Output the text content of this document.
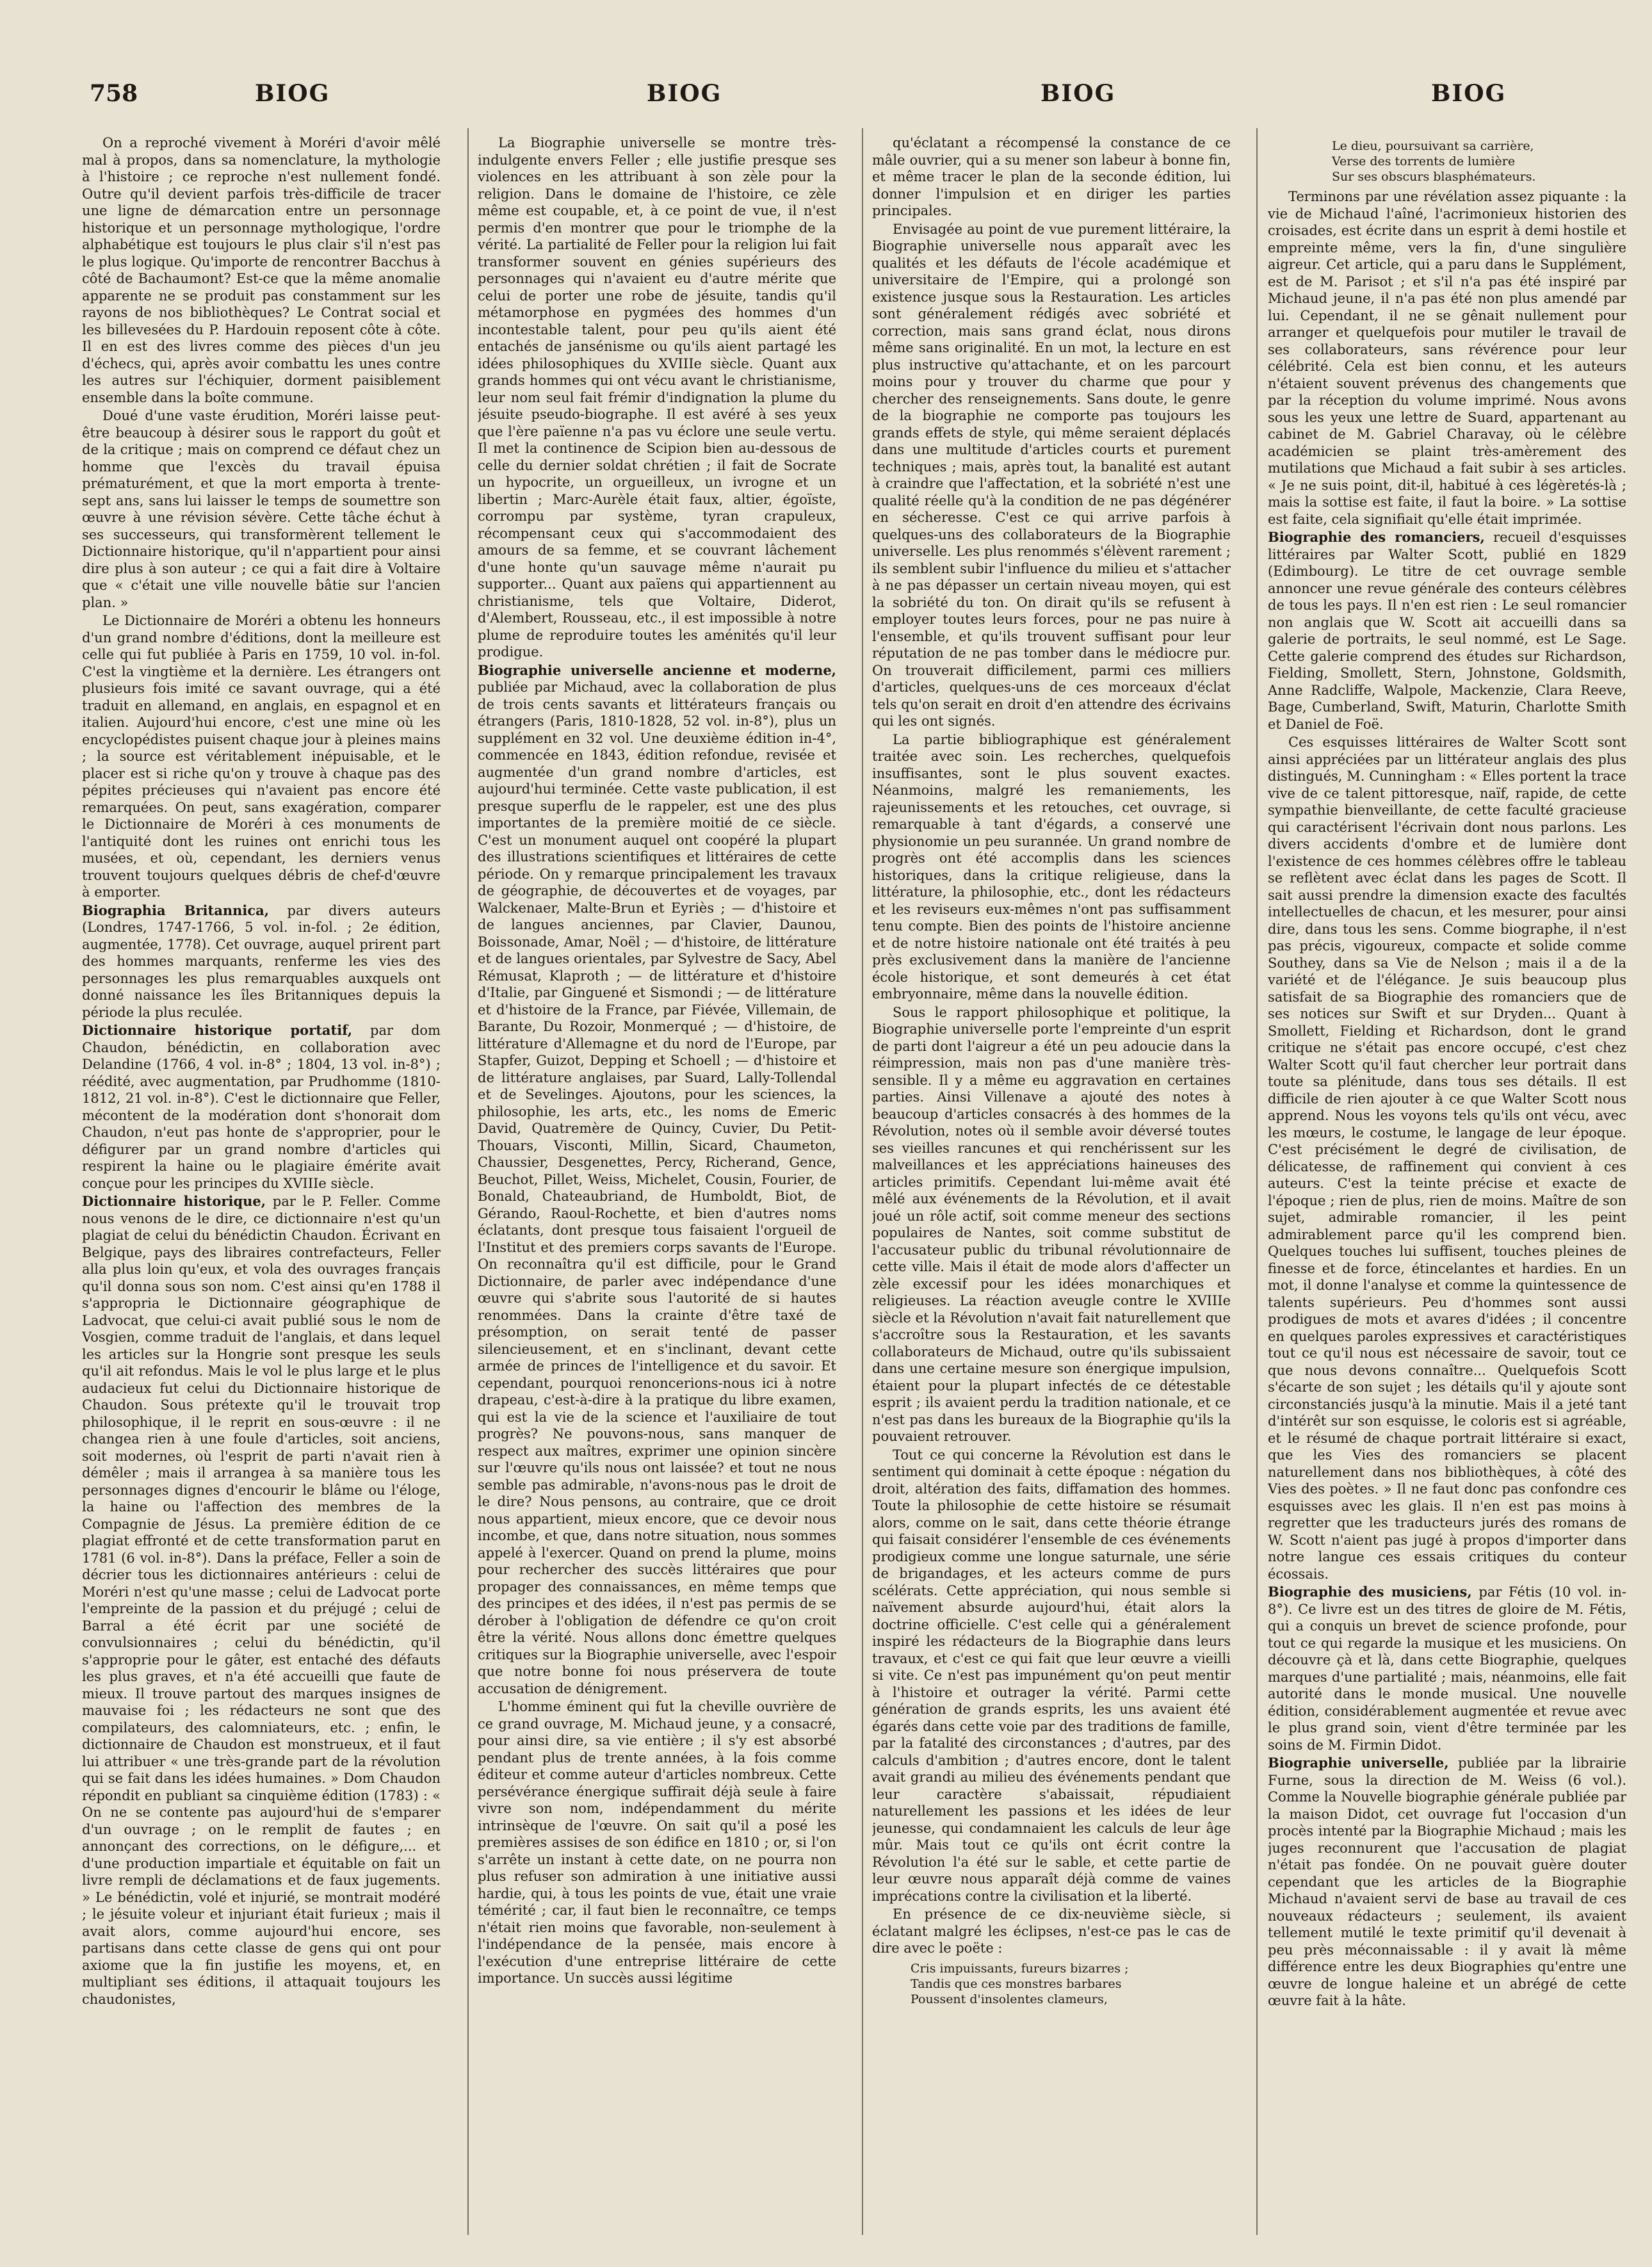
758	BIOG	BIOG	BIOG	BIOG

On a reproché vivement à Moréri d'avoir mêlé mal à propos, dans sa nomenclature, la mythologie à l'histoire ; ce reproche n'est nullement fondé. Outre qu'il devient parfois très-difficile de tracer une ligne de démarcation entre un personnage historique et un personnage mythologique, l'ordre alphabétique est toujours le plus clair s'il n'est pas le plus logique. Qu'importe de rencontrer Bacchus à côté de Bachaumont? Est-ce que la même anomalie apparente ne se produit pas constamment sur les rayons de nos bibliothèques? Le Contrat social et les billevesées du P. Hardouin reposent côte à côte. Il en est des livres comme des pièces d'un jeu d'échecs, qui, après avoir combattu les unes contre les autres sur l'échiquier, dorment paisiblement ensemble dans la boîte commune.

Doué d'une vaste érudition, Moréri laisse peut-être beaucoup à désirer sous le rapport du goût et de la critique ; mais on comprend ce défaut chez un homme que l'excès du travail épuisa prématurément, et que la mort emporta à trente-sept ans, sans lui laisser le temps de soumettre son œuvre à une révision sévère. Cette tâche échut à ses successeurs, qui transformèrent tellement le Dictionnaire historique, qu'il n'appartient pour ainsi dire plus à son auteur ; ce qui a fait dire à Voltaire que « c'était une ville nouvelle bâtie sur l'ancien plan. »

Le Dictionnaire de Moréri a obtenu les honneurs d'un grand nombre d'éditions, dont la meilleure est celle qui fut publiée à Paris en 1759, 10 vol. in-fol. C'est la vingtième et la dernière. Les étrangers ont plusieurs fois imité ce savant ouvrage, qui a été traduit en allemand, en anglais, en espagnol et en italien. Aujourd'hui encore, c'est une mine où les encyclopédistes puisent chaque jour à pleines mains ; la source est véritablement inépuisable, et le placer est si riche qu'on y trouve à chaque pas des pépites précieuses qui n'avaient pas encore été remarquées. On peut, sans exagération, comparer le Dictionnaire de Moréri à ces monuments de l'antiquité dont les ruines ont enrichi tous les musées, et où, cependant, les derniers venus trouvent toujours quelques débris de chef-d'œuvre à emporter.

Biographia Britannica, par divers auteurs (Londres, 1747-1766, 5 vol. in-fol. ; 2e édition, augmentée, 1778). Cet ouvrage, auquel prirent part des hommes marquants, renferme les vies des personnages les plus remarquables auxquels ont donné naissance les îles Britanniques depuis la période la plus reculée.

Dictionnaire historique portatif, par dom Chaudon, bénédictin, en collaboration avec Delandine (1766, 4 vol. in-8° ; 1804, 13 vol. in-8°) ; réédité, avec augmentation, par Prudhomme (1810-1812, 21 vol. in-8°). C'est le dictionnaire que Feller, mécontent de la modération dont s'honorait dom Chaudon, n'eut pas honte de s'approprier, pour le défigurer par un grand nombre d'articles qui respirent la haine ou le plagiaire émérite avait conçue pour les principes du XVIIIe siècle.

Dictionnaire historique, par le P. Feller. Comme nous venons de le dire, ce dictionnaire n'est qu'un plagiat de celui du bénédictin Chaudon. Écrivant en Belgique, pays des libraires contrefacteurs, Feller alla plus loin qu'eux, et vola des ouvrages français qu'il donna sous son nom. C'est ainsi qu'en 1788 il s'appropria le Dictionnaire géographique de Ladvocat, que celui-ci avait publié sous le nom de Vosgien, comme traduit de l'anglais, et dans lequel les articles sur la Hongrie sont presque les seuls qu'il ait refondus. Mais le vol le plus large et le plus audacieux fut celui du Dictionnaire historique de Chaudon. Sous prétexte qu'il le trouvait trop philosophique, il le reprit en sous-œuvre : il ne changea rien à une foule d'articles, soit anciens, soit modernes, où l'esprit de parti n'avait rien à démêler ; mais il arrangea à sa manière tous les personnages dignes d'encourir le blâme ou l'éloge, la haine ou l'affection des membres de la Compagnie de Jésus. La première édition de ce plagiat effronté et de cette transformation parut en 1781 (6 vol. in-8°). Dans la préface, Feller a soin de décrier tous les dictionnaires antérieurs : celui de Moréri n'est qu'une masse ; celui de Ladvocat porte l'empreinte de la passion et du préjugé ; celui de Barral a été écrit par une société de convulsionnaires ; celui du bénédictin, qu'il s'approprie pour le gâter, est entaché des défauts les plus graves, et n'a été accueilli que faute de mieux. Il trouve partout des marques insignes de mauvaise foi ; les rédacteurs ne sont que des compilateurs, des calomniateurs, etc. ; enfin, le dictionnaire de Chaudon est monstrueux, et il faut lui attribuer « une très-grande part de la révolution qui se fait dans les idées humaines. » Dom Chaudon répondit en publiant sa cinquième édition (1783) : « On ne se contente pas aujourd'hui de s'emparer d'un ouvrage ; on le remplit de fautes ; en annonçant des corrections, on le défigure,... et d'une production impartiale et équitable on fait un livre rempli de déclamations et de faux jugements. » Le bénédictin, volé et injurié, se montrait modéré ; le jésuite voleur et injuriant était furieux ; mais il avait alors, comme aujourd'hui encore, ses partisans dans cette classe de gens qui ont pour axiome que la fin justifie les moyens, et, en multipliant ses éditions, il attaquait toujours les chaudonistes,

La Biographie universelle se montre très-indulgente envers Feller ; elle justifie presque ses violences en les attribuant à son zèle pour la religion. Dans le domaine de l'histoire, ce zèle même est coupable, et, à ce point de vue, il n'est permis d'en montrer que pour le triomphe de la vérité. La partialité de Feller pour la religion lui fait transformer souvent en génies supérieurs des personnages qui n'avaient eu d'autre mérite que celui de porter une robe de jésuite, tandis qu'il métamorphose en pygmées des hommes d'un incontestable talent, pour peu qu'ils aient été entachés de jansénisme ou qu'ils aient partagé les idées philosophiques du XVIIIe siècle. Quant aux grands hommes qui ont vécu avant le christianisme, leur nom seul fait frémir d'indignation la plume du jésuite pseudo-biographe. Il est avéré à ses yeux que l'ère païenne n'a pas vu éclore une seule vertu. Il met la continence de Scipion bien au-dessous de celle du dernier soldat chrétien ; il fait de Socrate un hypocrite, un orgueilleux, un ivrogne et un libertin ; Marc-Aurèle était faux, altier, égoïste, corrompu par système, tyran crapuleux, récompensant ceux qui s'accommodaient des amours de sa femme, et se couvrant lâchement d'une honte qu'un sauvage même n'aurait pu supporter... Quant aux païens qui appartiennent au christianisme, tels que Voltaire, Diderot, d'Alembert, Rousseau, etc., il est impossible à notre plume de reproduire toutes les aménités qu'il leur prodigue.

Biographie universelle ancienne et moderne, publiée par Michaud, avec la collaboration de plus de trois cents savants et littérateurs français ou étrangers (Paris, 1810-1828, 52 vol. in-8°), plus un supplément en 32 vol. Une deuxième édition in-4°, commencée en 1843, édition refondue, revisée et augmentée d'un grand nombre d'articles, est aujourd'hui terminée. Cette vaste publication, il est presque superflu de le rappeler, est une des plus importantes de la première moitié de ce siècle. C'est un monument auquel ont coopéré la plupart des illustrations scientifiques et littéraires de cette période. On y remarque principalement les travaux de géographie, de découvertes et de voyages, par Walckenaer, Malte-Brun et Eyriès ; — d'histoire et de langues anciennes, par Clavier, Daunou, Boissonade, Amar, Noël ; — d'histoire, de littérature et de langues orientales, par Sylvestre de Sacy, Abel Rémusat, Klaproth ; — de littérature et d'histoire d'Italie, par Ginguené et Sismondi ; — de littérature et d'histoire de la France, par Fiévée, Villemain, de Barante, Du Rozoir, Monmerqué ; — d'histoire, de littérature d'Allemagne et du nord de l'Europe, par Stapfer, Guizot, Depping et Schoell ; — d'histoire et de littérature anglaises, par Suard, Lally-Tollendal et de Sevelinges. Ajoutons, pour les sciences, la philosophie, les arts, etc., les noms de Emeric David, Quatremère de Quincy, Cuvier, Du Petit-Thouars, Visconti, Millin, Sicard, Chaumeton, Chaussier, Desgenettes, Percy, Richerand, Gence, Beuchot, Pillet, Weiss, Michelet, Cousin, Fourier, de Bonald, Chateaubriand, de Humboldt, Biot, de Gérando, Raoul-Rochette, et bien d'autres noms éclatants, dont presque tous faisaient l'orgueil de l'Institut et des premiers corps savants de l'Europe. On reconnaîtra qu'il est difficile, pour le Grand Dictionnaire, de parler avec indépendance d'une œuvre qui s'abrite sous l'autorité de si hautes renommées. Dans la crainte d'être taxé de présomption, on serait tenté de passer silencieusement, et en s'inclinant, devant cette armée de princes de l'intelligence et du savoir. Et cependant, pourquoi renoncerions-nous ici à notre drapeau, c'est-à-dire à la pratique du libre examen, qui est la vie de la science et l'auxiliaire de tout progrès? Ne pouvons-nous, sans manquer de respect aux maîtres, exprimer une opinion sincère sur l'œuvre qu'ils nous ont laissée? et tout ne nous semble pas admirable, n'avons-nous pas le droit de le dire? Nous pensons, au contraire, que ce droit nous appartient, mieux encore, que ce devoir nous incombe, et que, dans notre situation, nous sommes appelé à l'exercer. Quand on prend la plume, moins pour rechercher des succès littéraires que pour propager des connaissances, en même temps que des principes et des idées, il n'est pas permis de se dérober à l'obligation de défendre ce qu'on croit être la vérité. Nous allons donc émettre quelques critiques sur la Biographie universelle, avec l'espoir que notre bonne foi nous préservera de toute accusation de dénigrement.

L'homme éminent qui fut la cheville ouvrière de ce grand ouvrage, M. Michaud jeune, y a consacré, pour ainsi dire, sa vie entière ; il s'y est absorbé pendant plus de trente années, à la fois comme éditeur et comme auteur d'articles nombreux. Cette persévérance énergique suffirait déjà seule à faire vivre son nom, indépendamment du mérite intrinsèque de l'œuvre. On sait qu'il a posé les premières assises de son édifice en 1810 ; or, si l'on s'arrête un instant à cette date, on ne pourra non plus refuser son admiration à une initiative aussi hardie, qui, à tous les points de vue, était une vraie témérité ; car, il faut bien le reconnaître, ce temps n'était rien moins que favorable, non-seulement à l'indépendance de la pensée, mais encore à l'exécution d'une entreprise littéraire de cette importance. Un succès aussi légitime

qu'éclatant a récompensé la constance de ce mâle ouvrier, qui a su mener son labeur à bonne fin, et même tracer le plan de la seconde édition, lui donner l'impulsion et en diriger les parties principales.

Envisagée au point de vue purement littéraire, la Biographie universelle nous apparaît avec les qualités et les défauts de l'école académique et universitaire de l'Empire, qui a prolongé son existence jusque sous la Restauration. Les articles sont généralement rédigés avec sobriété et correction, mais sans grand éclat, nous dirons même sans originalité. En un mot, la lecture en est plus instructive qu'attachante, et on les parcourt moins pour y trouver du charme que pour y chercher des renseignements. Sans doute, le genre de la biographie ne comporte pas toujours les grands effets de style, qui même seraient déplacés dans une multitude d'articles courts et purement techniques ; mais, après tout, la banalité est autant à craindre que l'affectation, et la sobriété n'est une qualité réelle qu'à la condition de ne pas dégénérer en sécheresse. C'est ce qui arrive parfois à quelques-uns des collaborateurs de la Biographie universelle. Les plus renommés s'élèvent rarement ; ils semblent subir l'influence du milieu et s'attacher à ne pas dépasser un certain niveau moyen, qui est la sobriété du ton. On dirait qu'ils se refusent à employer toutes leurs forces, pour ne pas nuire à l'ensemble, et qu'ils trouvent suffisant pour leur réputation de ne pas tomber dans le médiocre pur. On trouverait difficilement, parmi ces milliers d'articles, quelques-uns de ces morceaux d'éclat tels qu'on serait en droit d'en attendre des écrivains qui les ont signés.

La partie bibliographique est généralement traitée avec soin. Les recherches, quelquefois insuffisantes, sont le plus souvent exactes. Néanmoins, malgré les remaniements, les rajeunissements et les retouches, cet ouvrage, si remarquable à tant d'égards, a conservé une physionomie un peu surannée. Un grand nombre de progrès ont été accomplis dans les sciences historiques, dans la critique religieuse, dans la littérature, la philosophie, etc., dont les rédacteurs et les reviseurs eux-mêmes n'ont pas suffisamment tenu compte. Bien des points de l'histoire ancienne et de notre histoire nationale ont été traités à peu près exclusivement dans la manière de l'ancienne école historique, et sont demeurés à cet état embryonnaire, même dans la nouvelle édition.

Sous le rapport philosophique et politique, la Biographie universelle porte l'empreinte d'un esprit de parti dont l'aigreur a été un peu adoucie dans la réimpression, mais non pas d'une manière très-sensible. Il y a même eu aggravation en certaines parties. Ainsi Villenave a ajouté des notes à beaucoup d'articles consacrés à des hommes de la Révolution, notes où il semble avoir déversé toutes ses vieilles rancunes et qui renchérissent sur les malveillances et les appréciations haineuses des articles primitifs. Cependant lui-même avait été mêlé aux événements de la Révolution, et il avait joué un rôle actif, soit comme meneur des sections populaires de Nantes, soit comme substitut de l'accusateur public du tribunal révolutionnaire de cette ville. Mais il était de mode alors d'affecter un zèle excessif pour les idées monarchiques et religieuses. La réaction aveugle contre le XVIIIe siècle et la Révolution n'avait fait naturellement que s'accroître sous la Restauration, et les savants collaborateurs de Michaud, outre qu'ils subissaient dans une certaine mesure son énergique impulsion, étaient pour la plupart infectés de ce détestable esprit ; ils avaient perdu la tradition nationale, et ce n'est pas dans les bureaux de la Biographie qu'ils la pouvaient retrouver.

Tout ce qui concerne la Révolution est dans le sentiment qui dominait à cette époque : négation du droit, altération des faits, diffamation des hommes. Toute la philosophie de cette histoire se résumait alors, comme on le sait, dans cette théorie étrange qui faisait considérer l'ensemble de ces événements prodigieux comme une longue saturnale, une série de brigandages, et les acteurs comme de purs scélérats. Cette appréciation, qui nous semble si naïvement absurde aujourd'hui, était alors la doctrine officielle. C'est celle qui a généralement inspiré les rédacteurs de la Biographie dans leurs travaux, et c'est ce qui fait que leur œuvre a vieilli si vite. Ce n'est pas impunément qu'on peut mentir à l'histoire et outrager la vérité. Parmi cette génération de grands esprits, les uns avaient été égarés dans cette voie par des traditions de famille, par la fatalité des circonstances ; d'autres, par des calculs d'ambition ; d'autres encore, dont le talent avait grandi au milieu des événements pendant que leur caractère s'abaissait, répudiaient naturellement les passions et les idées de leur jeunesse, qui condamnaient les calculs de leur âge mûr. Mais tout ce qu'ils ont écrit contre la Révolution l'a été sur le sable, et cette partie de leur œuvre nous apparaît déjà comme de vaines imprécations contre la civilisation et la liberté.

En présence de ce dix-neuvième siècle, si éclatant malgré les éclipses, n'est-ce pas le cas de dire avec le poëte :

Cris impuissants, fureurs bizarres ;
Tandis que ces monstres barbares
Poussent d'insolentes clameurs,
Le dieu, poursuivant sa carrière,
Verse des torrents de lumière
Sur ses obscurs blasphémateurs.

Terminons par une révélation assez piquante : la vie de Michaud l'aîné, l'acrimonieux historien des croisades, est écrite dans un esprit à demi hostile et empreinte même, vers la fin, d'une singulière aigreur. Cet article, qui a paru dans le Supplément, est de M. Parisot ; et s'il n'a pas été inspiré par Michaud jeune, il n'a pas été non plus amendé par lui. Cependant, il ne se gênait nullement pour arranger et quelquefois pour mutiler le travail de ses collaborateurs, sans révérence pour leur célébrité. Cela est bien connu, et les auteurs n'étaient souvent prévenus des changements que par la réception du volume imprimé. Nous avons sous les yeux une lettre de Suard, appartenant au cabinet de M. Gabriel Charavay, où le célèbre académicien se plaint très-amèrement des mutilations que Michaud a fait subir à ses articles. « Je ne suis point, dit-il, habitué à ces légèretés-là ; mais la sottise est faite, il faut la boire. » La sottise est faite, cela signifiait qu'elle était imprimée.

Biographie des romanciers, recueil d'esquisses littéraires par Walter Scott, publié en 1829 (Edimbourg). Le titre de cet ouvrage semble annoncer une revue générale des conteurs célèbres de tous les pays. Il n'en est rien : Le seul romancier non anglais que W. Scott ait accueilli dans sa galerie de portraits, le seul nommé, est Le Sage. Cette galerie comprend des études sur Richardson, Fielding, Smollett, Stern, Johnstone, Goldsmith, Anne Radcliffe, Walpole, Mackenzie, Clara Reeve, Bage, Cumberland, Swift, Maturin, Charlotte Smith et Daniel de Foë.

Ces esquisses littéraires de Walter Scott sont ainsi appréciées par un littérateur anglais des plus distingués, M. Cunningham : « Elles portent la trace vive de ce talent pittoresque, naïf, rapide, de cette sympathie bienveillante, de cette faculté gracieuse qui caractérisent l'écrivain dont nous parlons. Les divers accidents d'ombre et de lumière dont l'existence de ces hommes célèbres offre le tableau se reflètent avec éclat dans les pages de Scott. Il sait aussi prendre la dimension exacte des facultés intellectuelles de chacun, et les mesurer, pour ainsi dire, dans tous les sens. Comme biographe, il n'est pas précis, vigoureux, compacte et solide comme Southey, dans sa Vie de Nelson ; mais il a de la variété et de l'élégance. Je suis beaucoup plus satisfait de sa Biographie des romanciers que de ses notices sur Swift et sur Dryden... Quant à Smollett, Fielding et Richardson, dont le grand critique ne s'était pas encore occupé, c'est chez Walter Scott qu'il faut chercher leur portrait dans toute sa plénitude, dans tous ses détails. Il est difficile de rien ajouter à ce que Walter Scott nous apprend. Nous les voyons tels qu'ils ont vécu, avec les mœurs, le costume, le langage de leur époque. C'est précisément le degré de civilisation, de délicatesse, de raffinement qui convient à ces auteurs. C'est la teinte précise et exacte de l'époque ; rien de plus, rien de moins. Maître de son sujet, admirable romancier, il les peint admirablement parce qu'il les comprend bien. Quelques touches lui suffisent, touches pleines de finesse et de force, étincelantes et hardies. En un mot, il donne l'analyse et comme la quintessence de talents supérieurs. Peu d'hommes sont aussi prodigues de mots et avares d'idées ; il concentre en quelques paroles expressives et caractéristiques tout ce qu'il nous est nécessaire de savoir, tout ce que nous devons connaître... Quelquefois Scott s'écarte de son sujet ; les détails qu'il y ajoute sont circonstanciés jusqu'à la minutie. Mais il a jeté tant d'intérêt sur son esquisse, le coloris est si agréable, et le résumé de chaque portrait littéraire si exact, que les Vies des romanciers se placent naturellement dans nos bibliothèques, à côté des Vies des poètes. » Il ne faut donc pas confondre ces esquisses avec les glais. Il n'en est pas moins à regretter que les traducteurs jurés des romans de W. Scott n'aient pas jugé à propos d'importer dans notre langue ces essais critiques du conteur écossais.

Biographie des musiciens, par Fétis (10 vol. in-8°). Ce livre est un des titres de gloire de M. Fétis, qui a conquis un brevet de science profonde, pour tout ce qui regarde la musique et les musiciens. On découvre çà et là, dans cette Biographie, quelques marques d'une partialité ; mais, néanmoins, elle fait autorité dans le monde musical. Une nouvelle édition, considérablement augmentée et revue avec le plus grand soin, vient d'être terminée par les soins de M. Firmin Didot.

Biographie universelle, publiée par la librairie Furne, sous la direction de M. Weiss (6 vol.). Comme la Nouvelle biographie générale publiée par la maison Didot, cet ouvrage fut l'occasion d'un procès intenté par la Biographie Michaud ; mais les juges reconnurent que l'accusation de plagiat n'était pas fondée. On ne pouvait guère douter cependant que les articles de la Biographie Michaud n'avaient servi de base au travail de ces nouveaux rédacteurs ; seulement, ils avaient tellement mutilé le texte primitif qu'il devenait à peu près méconnaissable : il y avait là même différence entre les deux Biographies qu'entre une œuvre de longue haleine et un abrégé de cette œuvre fait à la hâte.
